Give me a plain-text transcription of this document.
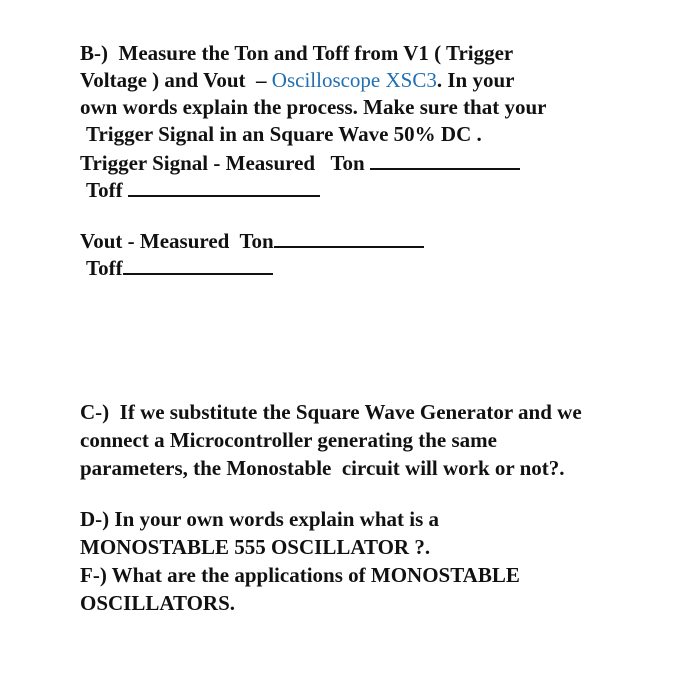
B-)  Measure the Ton and Toff from V1 ( Trigger
Voltage ) and Vout  – Oscilloscope XSC3. In your
own words explain the process. Make sure that your
Trigger Signal in an Square Wave 50% DC .
Trigger Signal - Measured   Ton
Toff
Vout - Measured  Ton
Toff
C-)  If we substitute the Square Wave Generator and we
connect a Microcontroller generating the same
parameters, the Monostable  circuit will work or not?.
D-) In your own words explain what is a
MONOSTABLE 555 OSCILLATOR ?.
F-) What are the applications of MONOSTABLE
OSCILLATORS.
